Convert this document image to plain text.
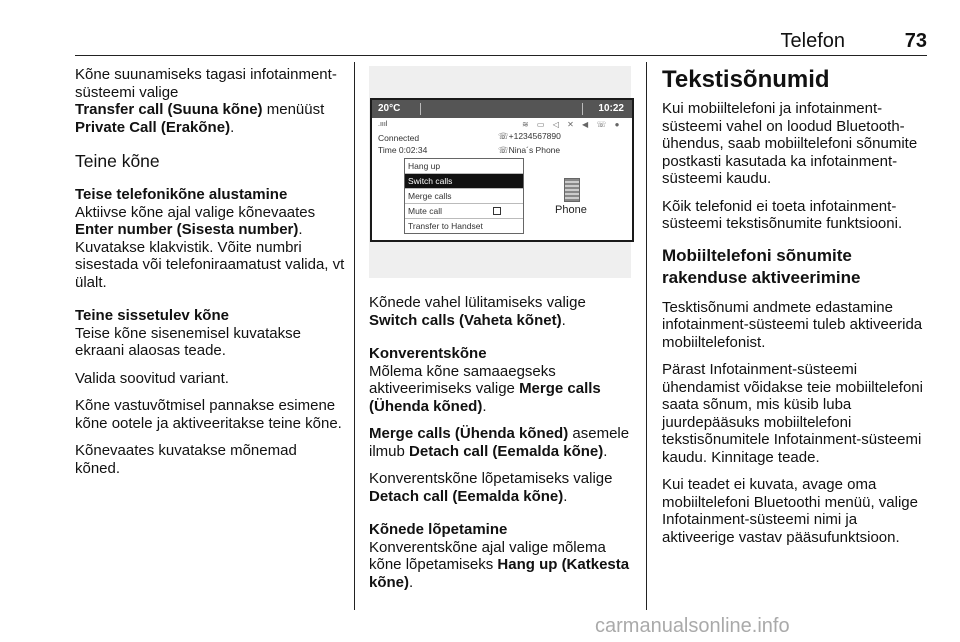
Telefon	73

Kõne suunamiseks tagasi infotainment-süsteemi valige
Transfer call (Suuna kõne) menüüst
Private Call (Erakõne).

Teine kõne

Teise telefonikõne alustamine

Aktiivse kõne ajal valige kõnevaates Enter number (Sisesta number). Kuvatakse klakvistik. Võite numbri sisestada või telefoniraamatust valida, vt ülalt.

Teine sissetulev kõne

Teise kõne sisenemisel kuvatakse ekraani alaosas teade.

Valida soovitud variant.

Kõne vastuvõtmisel pannakse esimene kõne ootele ja aktiveeritakse teine kõne.

Kõnevaates kuvatakse mõnemad kõned.

20°C	10:22
.ıııl	≋ ▭ ◁ ✕ ◀ ☏ ●
Connected
Time 0:02:34
☏+1234567890
☏Nina´s Phone
Hang up
Switch calls
Merge calls
Mute call
Transfer to Handset
Phone

Kõnede vahel lülitamiseks valige
Switch calls (Vaheta kõnet).

Konverentskõne

Mõlema kõne samaaegseks aktiveerimiseks valige Merge calls (Ühenda kõned).

Merge calls (Ühenda kõned) asemele ilmub Detach call (Eemalda kõne).

Konverentskõne lõpetamiseks valige Detach call (Eemalda kõne).

Kõnede lõpetamine

Konverentskõne ajal valige mõlema kõne lõpetamiseks Hang up (Katkesta kõne).

Tekstisõnumid

Kui mobiiltelefoni ja infotainment-süsteemi vahel on loodud Bluetooth-ühendus, saab mobiiltelefoni sõnumite postkasti kasutada ka infotainment-süsteemi kaudu.

Kõik telefonid ei toeta infotainment-süsteemi tekstisõnumite funktsiooni.

Mobiiltelefoni sõnumite rakenduse aktiveerimine

Tesktisõnumi andmete edastamine infotainment-süsteemi tuleb aktiveerida mobiiltelefonist.

Pärast Infotainment-süsteemi ühendamist võidakse teie mobiiltelefoni saata sõnum, mis küsib luba juurdepääsuks mobiiltelefoni tekstisõnumitele Infotainment-süsteemi kaudu. Kinnitage teade.

Kui teadet ei kuvata, avage oma mobiiltelefoni Bluetoothi menüü, valige Infotainment-süsteemi nimi ja aktiveerige vastav pääsufunktsioon.

carmanualsonline.info
